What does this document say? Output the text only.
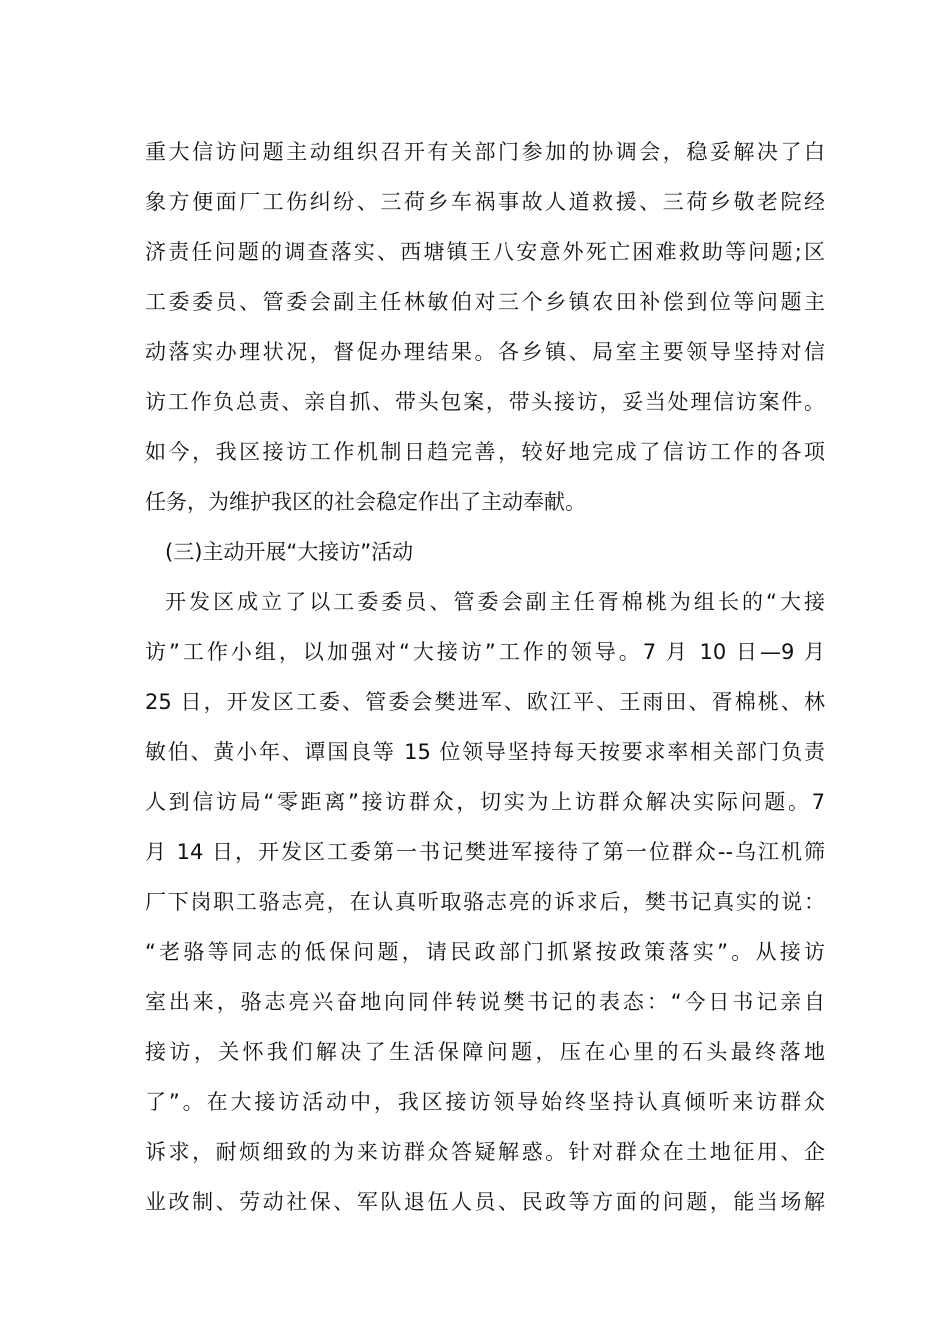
重大信访问题主动组织召开有关部门参加的协调会，稳妥解决了白
象方便面厂工伤纠纷、三荷乡车祸事故人道救援、三荷乡敬老院经
济责任问题的调查落实、西塘镇王八安意外死亡困难救助等问题;区
工委委员、管委会副主任林敏伯对三个乡镇农田补偿到位等问题主
动落实办理状况，督促办理结果。各乡镇、局室主要领导坚持对信
访工作负总责、亲自抓、带头包案，带头接访，妥当处理信访案件。
如今，我区接访工作机制日趋完善，较好地完成了信访工作的各项
任务，为维护我区的社会稳定作出了主动奉献。
(三)主动开展“大接访”活动
开发区成立了以工委委员、管委会副主任胥棉桃为组长的“大接
访”工作小组，以加强对“大接访”工作的领导。7 月 10 日—9 月
25 日，开发区工委、管委会樊进军、欧江平、王雨田、胥棉桃、林
敏伯、黄小年、谭国良等 15 位领导坚持每天按要求率相关部门负责
人到信访局“零距离”接访群众，切实为上访群众解决实际问题。7
月 14 日，开发区工委第一书记樊进军接待了第一位群众--乌江机筛
厂下岗职工骆志亮，在认真听取骆志亮的诉求后，樊书记真实的说：
“老骆等同志的低保问题，请民政部门抓紧按政策落实”。从接访
室出来，骆志亮兴奋地向同伴转说樊书记的表态：“今日书记亲自
接访，关怀我们解决了生活保障问题，压在心里的石头最终落地
了”。在大接访活动中，我区接访领导始终坚持认真倾听来访群众
诉求，耐烦细致的为来访群众答疑解惑。针对群众在土地征用、企
业改制、劳动社保、军队退伍人员、民政等方面的问题，能当场解
